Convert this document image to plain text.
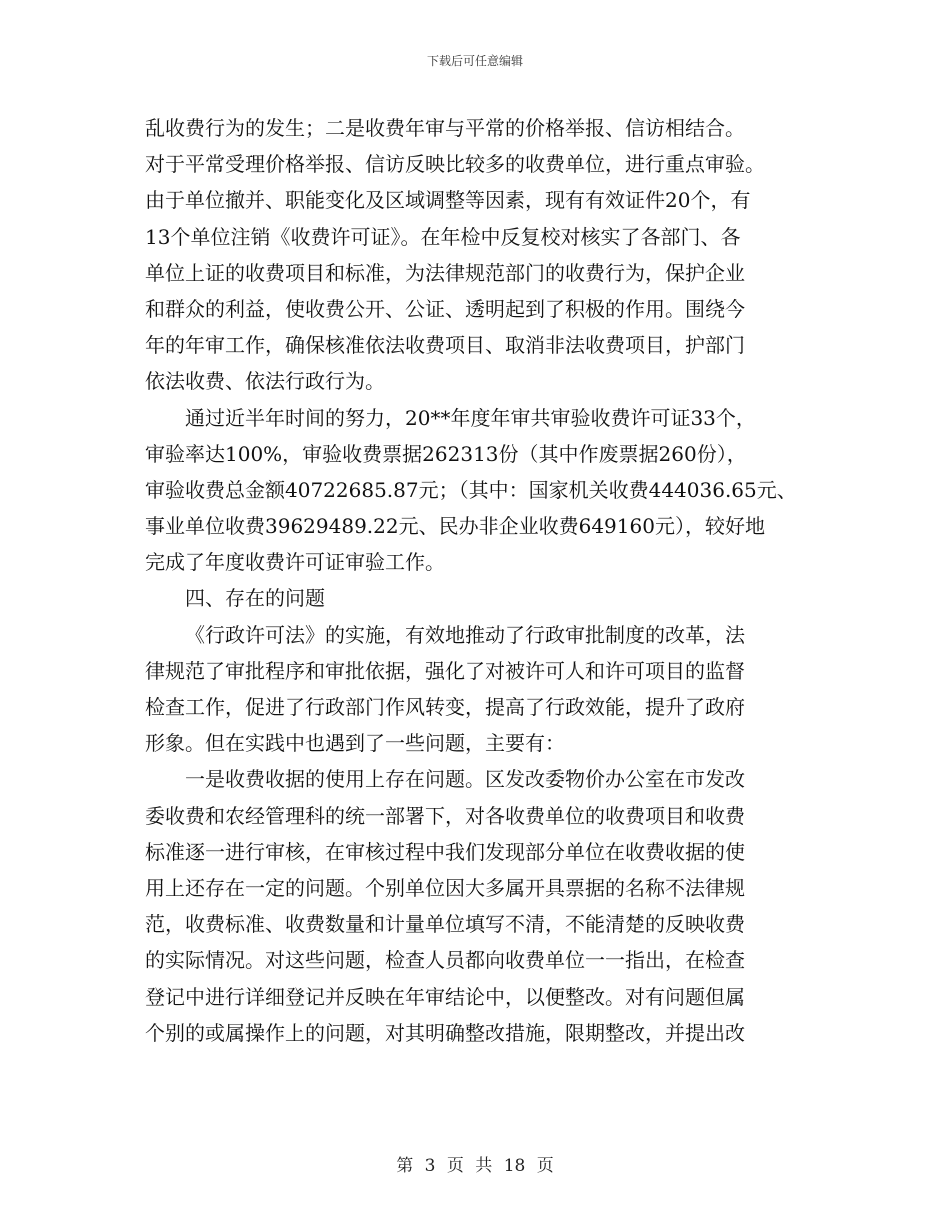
下载后可任意编辑
乱收费行为的发生；二是收费年审与平常的价格举报、信访相结合。
对于平常受理价格举报、信访反映比较多的收费单位，进行重点审验。
由于单位撤并、职能变化及区域调整等因素，现有有效证件20个，有
13个单位注销《收费许可证》。在年检中反复校对核实了各部门、各
单位上证的收费项目和标准，为法律规范部门的收费行为，保护企业
和群众的利益，使收费公开、公证、透明起到了积极的作用。围绕今
年的年审工作，确保核准依法收费项目、取消非法收费项目，护部门
依法收费、依法行政行为。
通过近半年时间的努力，20**年度年审共审验收费许可证33个，
审验率达100%，审验收费票据262313份（其中作废票据260份），
审验收费总金额40722685.87元；（其中：国家机关收费444036.65元、
事业单位收费39629489.22元、民办非企业收费649160元），较好地
完成了年度收费许可证审验工作。
四、存在的问题
《行政许可法》的实施，有效地推动了行政审批制度的改革，法
律规范了审批程序和审批依据，强化了对被许可人和许可项目的监督
检查工作，促进了行政部门作风转变，提高了行政效能，提升了政府
形象。但在实践中也遇到了一些问题，主要有：
一是收费收据的使用上存在问题。区发改委物价办公室在市发改
委收费和农经管理科的统一部署下，对各收费单位的收费项目和收费
标准逐一进行审核，在审核过程中我们发现部分单位在收费收据的使
用上还存在一定的问题。个别单位因大多属开具票据的名称不法律规
范，收费标准、收费数量和计量单位填写不清，不能清楚的反映收费
的实际情况。对这些问题，检查人员都向收费单位一一指出，在检查
登记中进行详细登记并反映在年审结论中，以便整改。对有问题但属
个别的或属操作上的问题，对其明确整改措施，限期整改，并提出改
第 3 页 共 18 页
